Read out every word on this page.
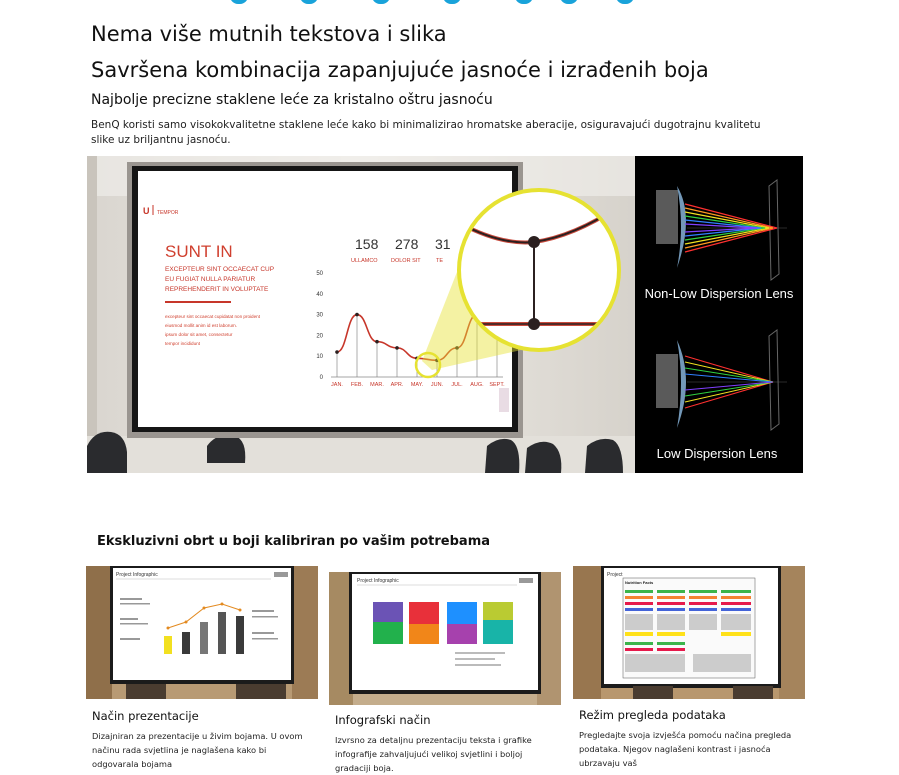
Nema više mutnih tekstova i slika
Savršena kombinacija zapanjujuće jasnoće i izrađenih boja
Najbolje precizne staklene leće za kristalno oštru jasnoću

BenQ koristi samo visokokvalitetne staklene leće kako bi minimalizirao hromatske aberacije, osiguravajući dugotrajnu kvalitetu slike uz briljantnu jasnoću.

U TEMPOR
SUNT IN
EXCEPTEUR SINT OCCAECAT CUP
EU FUGIAT NULLA PARIATUR
REPREHENDERIT IN VOLUPTATE
excepteur sint occaecat cupidatat non proident
eiusmod mollit anim id est laborum.
ipsum dolor sit amet, consectetur
tempor incididunt
158
ULLAMCO
278
DOLOR SIT
31
TE
0
10
20
30
40
50
JAN. FEB. MAR. APR. MAY. JUN. JUL. AUG. SEPT.
Non-Low Dispersion Lens
Low Dispersion Lens
Ekskluzivni obrt u boji kalibriran po vašim potrebama
Project Infographic

Način prezentacije

Dizajniran za prezentacije u živim bojama. U ovom načinu rada svjetlina je naglašena kako bi odgovarala bojama

Project Infographic

Infografski način

Izvrsno za detaljnu prezentaciju teksta i grafike infografije zahvaljujući velikoj svjetlini i boljoj gradaciji boja.

Project
Nutrition Facts

Režim pregleda podataka

Pregledajte svoja izvješća pomoću načina pregleda podataka. Njegov naglašeni kontrast i jasnoća ubrzavaju vaš
